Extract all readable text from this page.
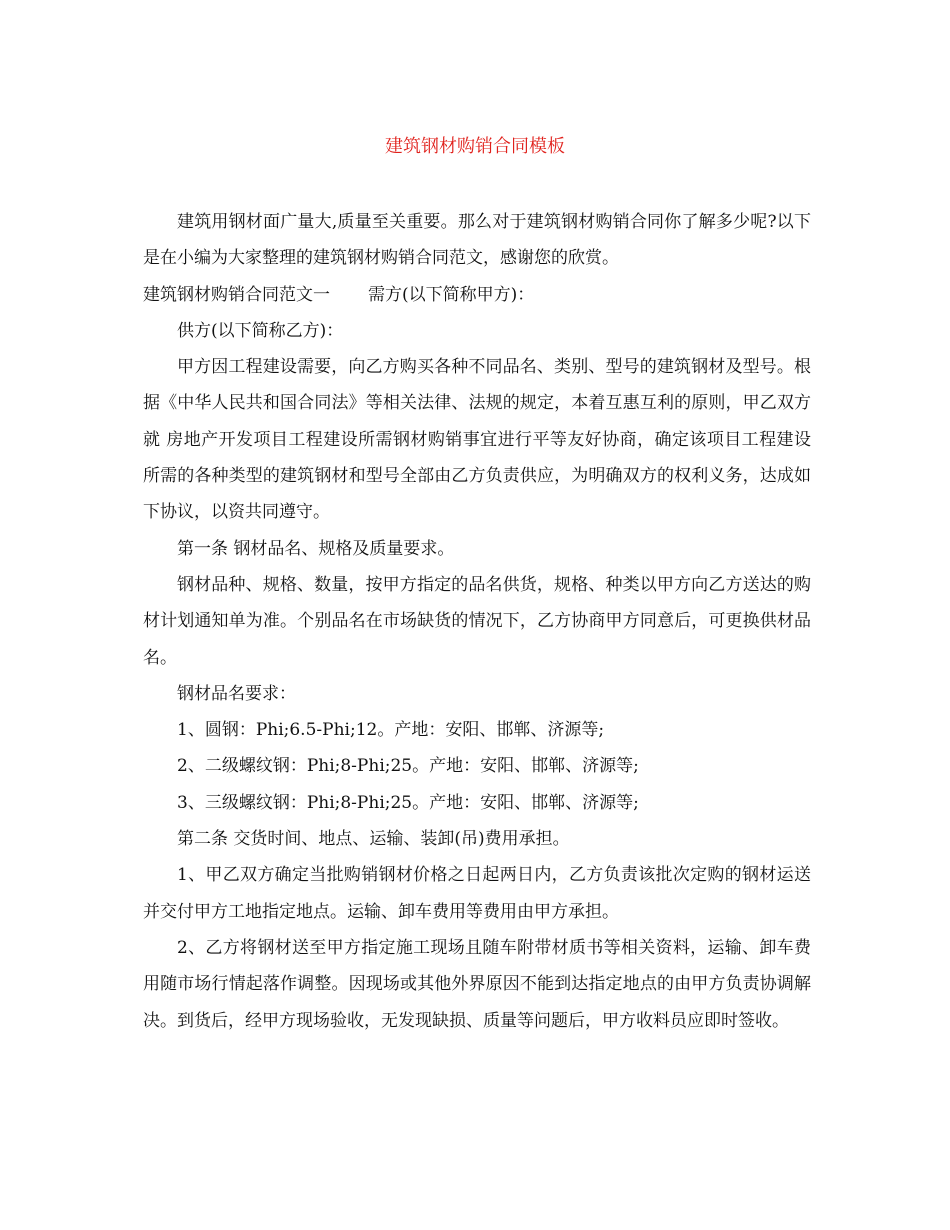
建筑钢材购销合同模板

建筑用钢材面广量大,质量至关重要。那么对于建筑钢材购销合同你了解多少呢?以下是在小编为大家整理的建筑钢材购销合同范文，感谢您的欣赏。

建筑钢材购销合同范文一 需方(以下简称甲方)：

供方(以下简称乙方)：

甲方因工程建设需要，向乙方购买各种不同品名、类别、型号的建筑钢材及型号。根据《中华人民共和国合同法》等相关法律、法规的规定，本着互惠互利的原则，甲乙双方就 房地产开发项目工程建设所需钢材购销事宜进行平等友好协商，确定该项目工程建设所需的各种类型的建筑钢材和型号全部由乙方负责供应，为明确双方的权利义务，达成如下协议，以资共同遵守。

第一条 钢材品名、规格及质量要求。

钢材品种、规格、数量，按甲方指定的品名供货，规格、种类以甲方向乙方送达的购材计划通知单为准。个别品名在市场缺货的情况下，乙方协商甲方同意后，可更换供材品名。

钢材品名要求：

1、圆钢：Phi;6.5-Phi;12。产地：安阳、邯郸、济源等;

2、二级螺纹钢：Phi;8-Phi;25。产地：安阳、邯郸、济源等;

3、三级螺纹钢：Phi;8-Phi;25。产地：安阳、邯郸、济源等;

第二条 交货时间、地点、运输、装卸(吊)费用承担。

1、甲乙双方确定当批购销钢材价格之日起两日内，乙方负责该批次定购的钢材运送并交付甲方工地指定地点。运输、卸车费用等费用由甲方承担。

2、乙方将钢材送至甲方指定施工现场且随车附带材质书等相关资料，运输、卸车费用随市场行情起落作调整。因现场或其他外界原因不能到达指定地点的由甲方负责协调解决。到货后，经甲方现场验收，无发现缺损、质量等问题后，甲方收料员应即时签收。
